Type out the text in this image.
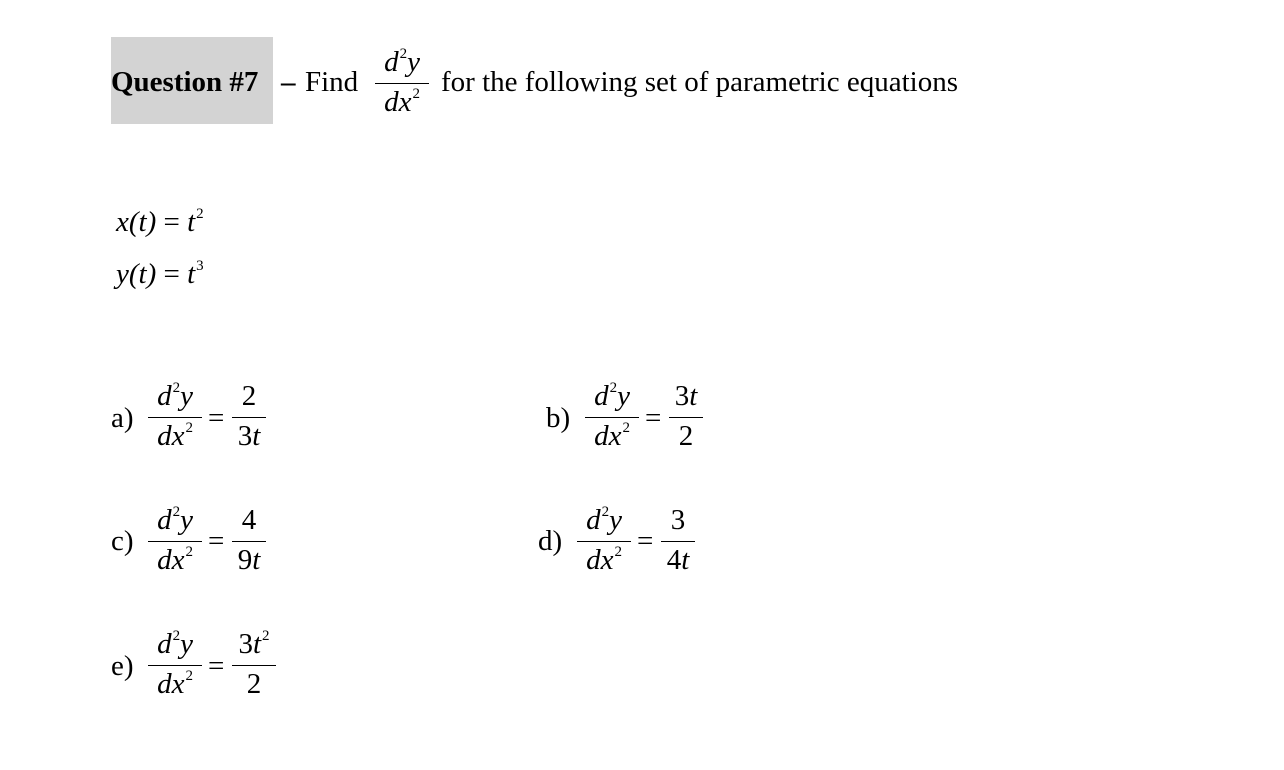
Question #7 – Find
$d^2y$
$dx^2$ for the following set of parametric equations
$x(t) = t^2$
$y(t) = t^3$
a)
$d^2y$
$dx^2$ =
2
3t
b)
$d^2y$
$dx^2$ =
3t
2
c)
$d^2y$
$dx^2$ =
4
9t
d)
$d^2y$
$dx^2$ =
3
4t
e)
$d^2y$
$dx^2$ =
$3t^2$
2
